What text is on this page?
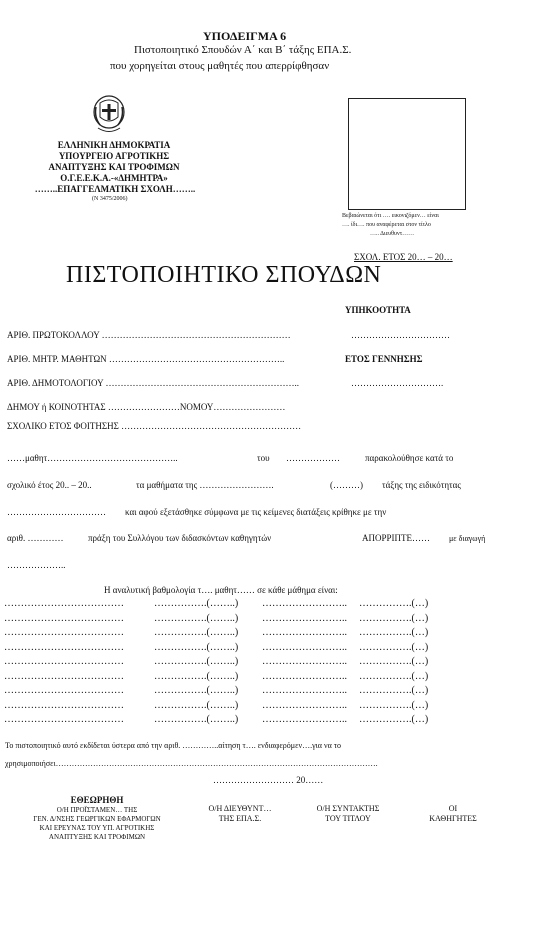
ΥΠΟΔΕΙΓΜΑ 6
Πιστοποιητικό Σπουδών Α΄ και Β΄ τάξης ΕΠΑ.Σ.
που χορηγείται στους μαθητές που απερρίφθησαν
ΕΛΛΗΝΙΚΗ ΔΗΜΟΚΡΑΤΙΑ
ΥΠΟΥΡΓΕΙΟ ΑΓΡΟΤΙΚΗΣ
ΑΝΑΠΤΥΞΗΣ ΚΑΙ ΤΡΟΦΙΜΩΝ
Ο.Γ.Ε.Ε.Κ.Α.-«ΔΗΜΗΤΡΑ»
……..ΕΠΑΓΓΕΛΜΑΤΙΚΗ ΣΧΟΛΗ……..
(Ν 3475/2006)
Βεβαιώνεται ότι …. εικονιζόμεν… είναι
…. ίδι…. που αναφέρεται στον τίτλο
….. Διευθυντ……
ΣΧΟΛ. ΕΤΟΣ 20… – 20…
ΠΙΣΤΟΠΟΙΗΤΙΚΟ ΣΠΟΥΔΩΝ
ΥΠΗΚΟΟΤΗΤΑ
ΑΡΙΘ. ΠΡΩΤΟΚΟΛΛΟΥ ………………………………………………………	……………………………
ΑΡΙΘ. ΜΗΤΡ. ΜΑΘΗΤΩΝ …………………………………………………..	ΕΤΟΣ ΓΕΝΝΗΣΗΣ
ΑΡΙΘ. ΔΗΜΟΤΟΛΟΓΙΟΥ ………………………………………………………..	………………………….
ΔΗΜΟΥ ή ΚΟΙΝΟΤΗΤΑΣ ……………………ΝΟΜΟΥ……………………
ΣΧΟΛΙΚΟ ΕΤΟΣ ΦΟΙΤΗΣΗΣ ……………………………………………………
……μαθητ……………………………………..	του ………………	παρακολούθησε κατά το
σχολικό έτος 20.. – 20..	τα μαθήματα της …………………….	(………) τάξης της ειδικότητας
…………………………… και αφού εξετάσθηκε σύμφωνα με τις κείμενες διατάξεις κρίθηκε με την
αριθ. …………	πράξη του Συλλόγου των διδασκόντων καθηγητών	ΑΠΟΡΡΙΠΤΕ…… με διαγωγή
………………..
Η αναλυτική βαθμολογία τ…. μαθητ…… σε κάθε μάθημα είναι:
………………………………	…………….(……..) …………………….. …………….(…)
………………………………	…………….(……..) …………………….. …………….(…)
………………………………	…………….(……..) …………………….. …………….(…)
………………………………	…………….(……..) …………………….. …………….(…)
………………………………	…………….(……..) …………………….. …………….(…)
………………………………	…………….(……..) …………………….. …………….(…)
………………………………	…………….(……..) …………………….. …………….(…)
………………………………	…………….(……..) …………………….. …………….(…)
………………………………	…………….(……..) …………………….. …………….(…)
Το πιστοποιητικό αυτό εκδίδεται ύστερα από την αριθ. …………..αίτηση τ…. ενδιαφερόμεν….για να το
χρησιμοποιήσει………………………………………………………………………………………………………….
……………………… 20……
ΕΘΕΩΡΗΘΗ
Ο/Η ΠΡΟΪΣΤΑΜΕΝ… ΤΗΣ
ΓΕΝ. Δ/ΝΣΗΣ ΓΕΩΡΓΙΚΩΝ ΕΦΑΡΜΟΓΩΝ
ΚΑΙ ΕΡΕΥΝΑΣ ΤΟΥ ΥΠ. ΑΓΡΟΤΙΚΗΣ
ΑΝΑΠΤΥΞΗΣ ΚΑΙ ΤΡΟΦΙΜΩΝ
Ο/Η ΔΙΕΥΘΥΝΤ…
ΤΗΣ ΕΠΑ.Σ.
Ο/Η ΣΥΝΤΑΚΤΗΣ
ΤΟΥ ΤΙΤΛΟΥ
ΟΙ
ΚΑΘΗΓΗΤΕΣ
